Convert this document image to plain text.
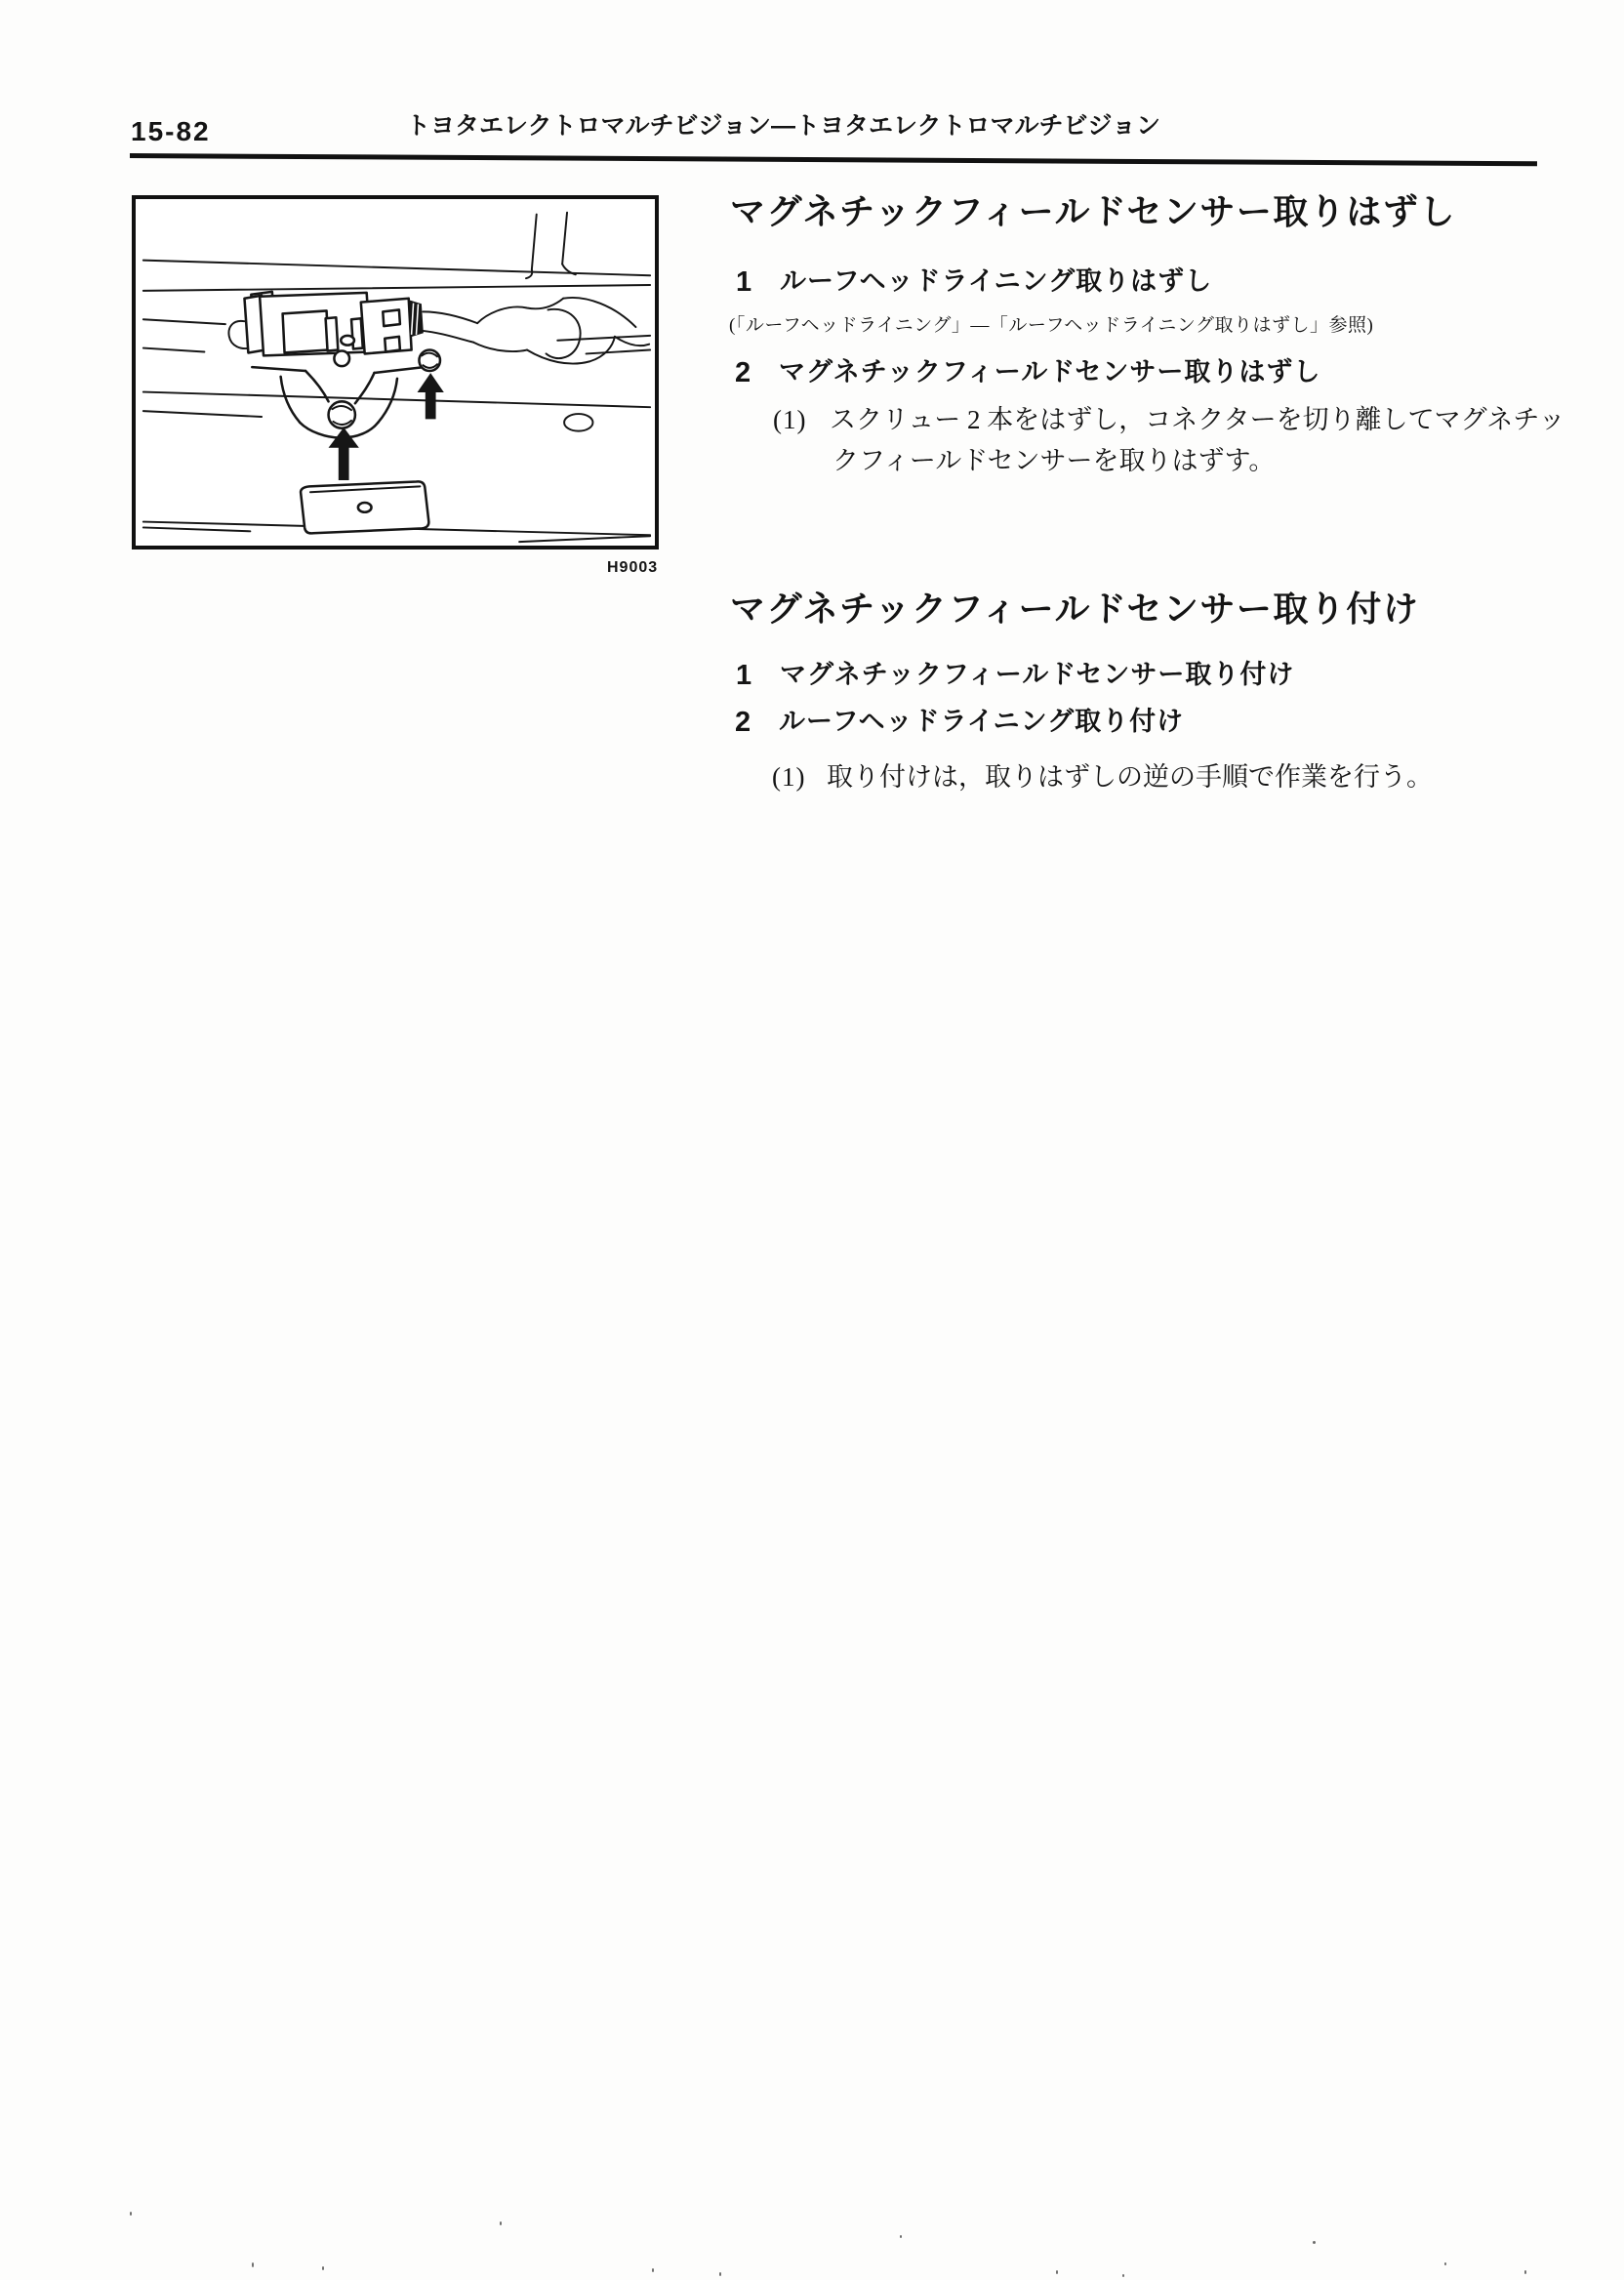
15-82	トヨタエレクトロマルチビジョン―トヨタエレクトロマルチビジョン
H9003
マグネチックフィールドセンサー取りはずし
1	ルーフヘッドライニング取りはずし
(「ルーフヘッドライニング」―「ルーフヘッドライニング取りはずし」参照)
2	マグネチックフィールドセンサー取りはずし
(1) スクリュー 2 本をはずし，コネクターを切り離してマグネチッ
クフィールドセンサーを取りはずす。
マグネチックフィールドセンサー取り付け
1	マグネチックフィールドセンサー取り付け
2	ルーフヘッドライニング取り付け
(1) 取り付けは，取りはずしの逆の手順で作業を行う。
